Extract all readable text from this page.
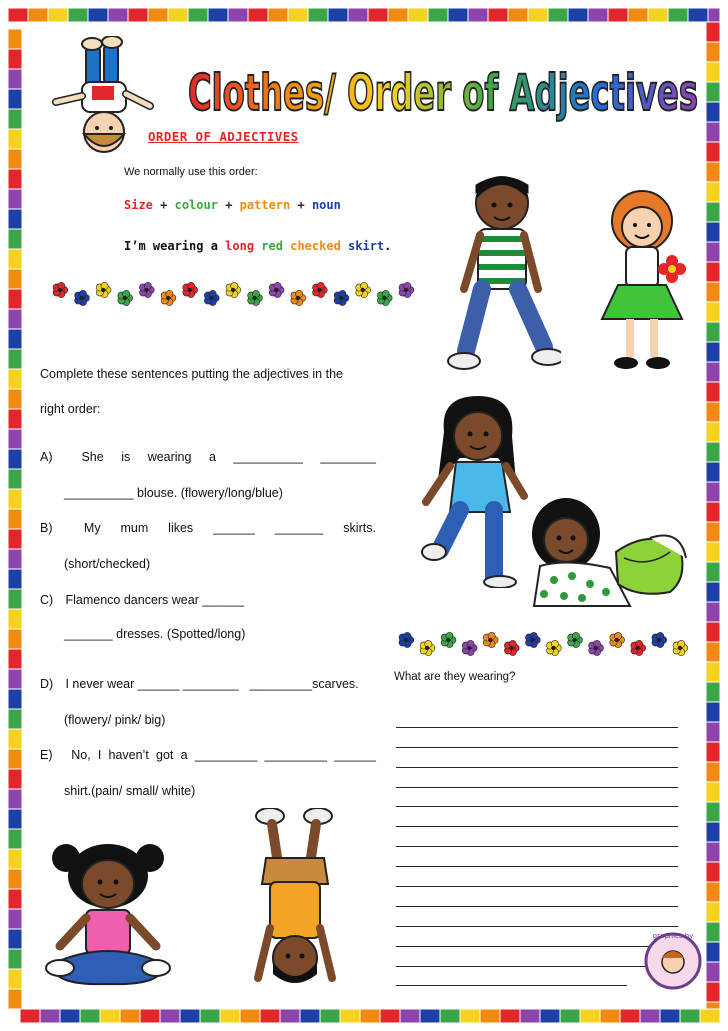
Clothes/ Order of Adjectives
ORDER OF ADJECTIVES
We normally use this order:
Size + colour + pattern + noun
I’m wearing a long red checked skirt.
Complete these sentences putting the adjectives in the
right order:
A)	She is wearing a __________ ________
__________ blouse. (flowery/long/blue)
B)	My mum likes ______ _______ skirts.
(short/checked)
C) Flamenco dancers wear ______
_______ dresses. (Spotted/long)
D) I never wear ______ ________ _________scarves.
(flowery/ pink/ big)
E)	No, I haven’t got a _________ _________ ______
shirt.(pain/ small/ white)
What are they wearing?
graphics by
